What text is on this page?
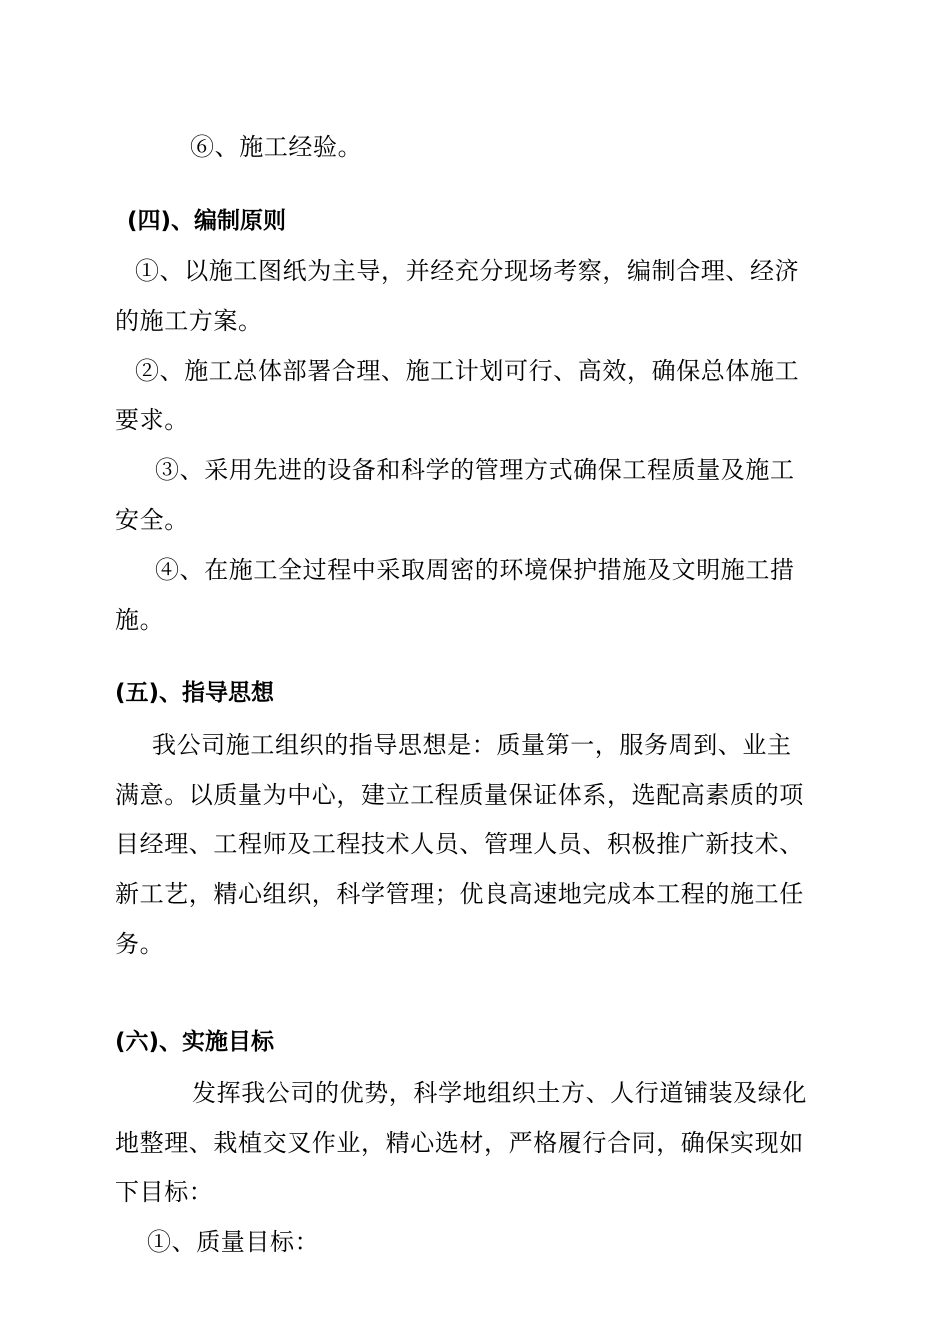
⑥、施工经验。
(四)、编制原则
①、以施工图纸为主导，并经充分现场考察，编制合理、经济
的施工方案。
②、施工总体部署合理、施工计划可行、高效，确保总体施工
要求。
③、采用先进的设备和科学的管理方式确保工程质量及施工
安全。
④、在施工全过程中采取周密的环境保护措施及文明施工措
施。
(五)、指导思想
我公司施工组织的指导思想是：质量第一，服务周到、业主
满意。以质量为中心，建立工程质量保证体系，选配高素质的项
目经理、工程师及工程技术人员、管理人员、积极推广新技术、
新工艺，精心组织，科学管理；优良高速地完成本工程的施工任
务。
(六)、实施目标
发挥我公司的优势，科学地组织土方、人行道铺装及绿化
地整理、栽植交叉作业，精心选材，严格履行合同，确保实现如
下目标：
①、质量目标：
